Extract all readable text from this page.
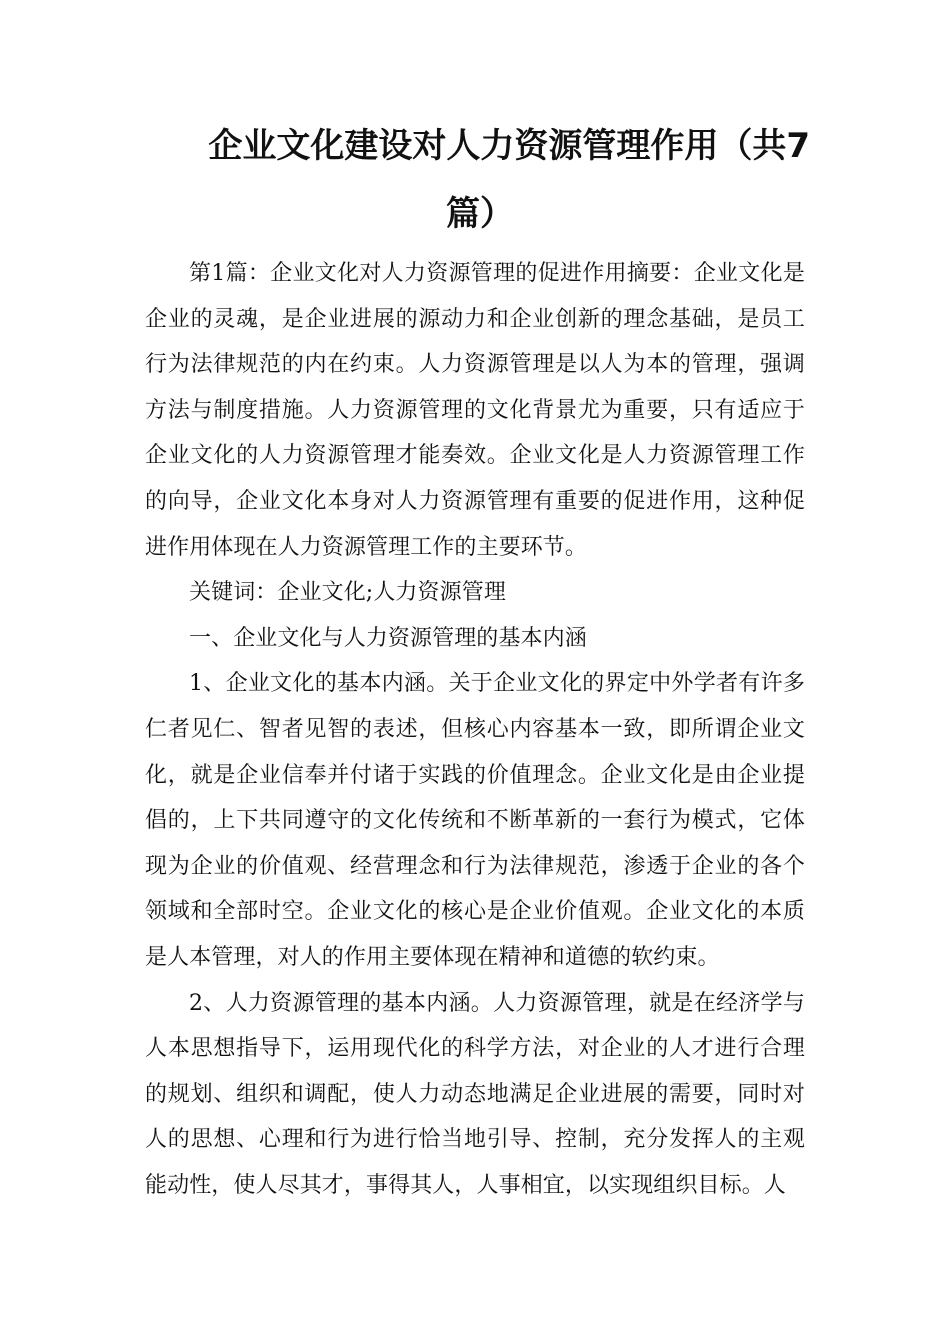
企业文化建设对人力资源管理作用（共7
篇）

第1篇：企业文化对人力资源管理的促进作用摘要：企业文化是企业的灵魂，是企业进展的源动力和企业创新的理念基础，是员工行为法律规范的内在约束。人力资源管理是以人为本的管理，强调方法与制度措施。人力资源管理的文化背景尤为重要，只有适应于企业文化的人力资源管理才能奏效。企业文化是人力资源管理工作的向导，企业文化本身对人力资源管理有重要的促进作用，这种促进作用体现在人力资源管理工作的主要环节。

关键词：企业文化;人力资源管理

一、企业文化与人力资源管理的基本内涵

1、企业文化的基本内涵。关于企业文化的界定中外学者有许多仁者见仁、智者见智的表述，但核心内容基本一致，即所谓企业文化，就是企业信奉并付诸于实践的价值理念。企业文化是由企业提倡的，上下共同遵守的文化传统和不断革新的一套行为模式，它体现为企业的价值观、经营理念和行为法律规范，渗透于企业的各个领域和全部时空。企业文化的核心是企业价值观。企业文化的本质是人本管理，对人的作用主要体现在精神和道德的软约束。

2、人力资源管理的基本内涵。人力资源管理，就是在经济学与人本思想指导下，运用现代化的科学方法，对企业的人才进行合理的规划、组织和调配，使人力动态地满足企业进展的需要，同时对人的思想、心理和行为进行恰当地引导、控制，充分发挥人的主观能动性，使人尽其才，事得其人，人事相宜，以实现组织目标。人
